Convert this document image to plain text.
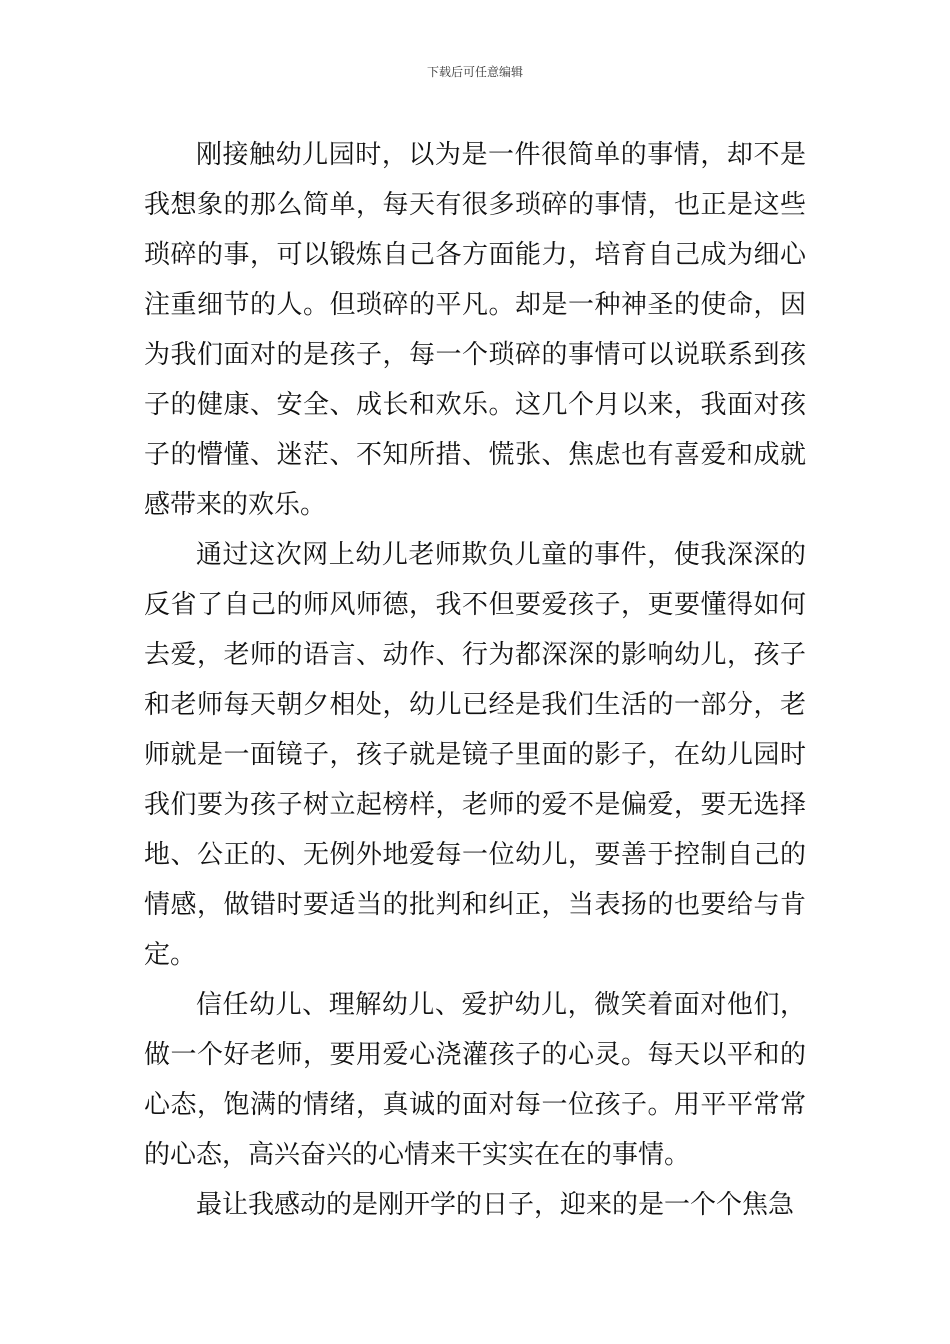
下载后可任意编辑

刚接触幼儿园时，以为是一件很简单的事情，却不是我想象的那么简单，每天有很多琐碎的事情，也正是这些琐碎的事，可以锻炼自己各方面能力，培育自己成为细心注重细节的人。但琐碎的平凡。却是一种神圣的使命，因为我们面对的是孩子，每一个琐碎的事情可以说联系到孩子的健康、安全、成长和欢乐。这几个月以来，我面对孩子的懵懂、迷茫、不知所措、慌张、焦虑也有喜爱和成就感带来的欢乐。

通过这次网上幼儿老师欺负儿童的事件，使我深深的反省了自己的师风师德，我不但要爱孩子，更要懂得如何去爱，老师的语言、动作、行为都深深的影响幼儿，孩子和老师每天朝夕相处，幼儿已经是我们生活的一部分，老师就是一面镜子，孩子就是镜子里面的影子，在幼儿园时我们要为孩子树立起榜样，老师的爱不是偏爱，要无选择地、公正的、无例外地爱每一位幼儿，要善于控制自己的情感，做错时要适当的批判和纠正，当表扬的也要给与肯定。

信任幼儿、理解幼儿、爱护幼儿，微笑着面对他们，做一个好老师，要用爱心浇灌孩子的心灵。每天以平和的心态，饱满的情绪，真诚的面对每一位孩子。用平平常常的心态，高兴奋兴的心情来干实实在在的事情。

最让我感动的是刚开学的日子，迎来的是一个个焦急
